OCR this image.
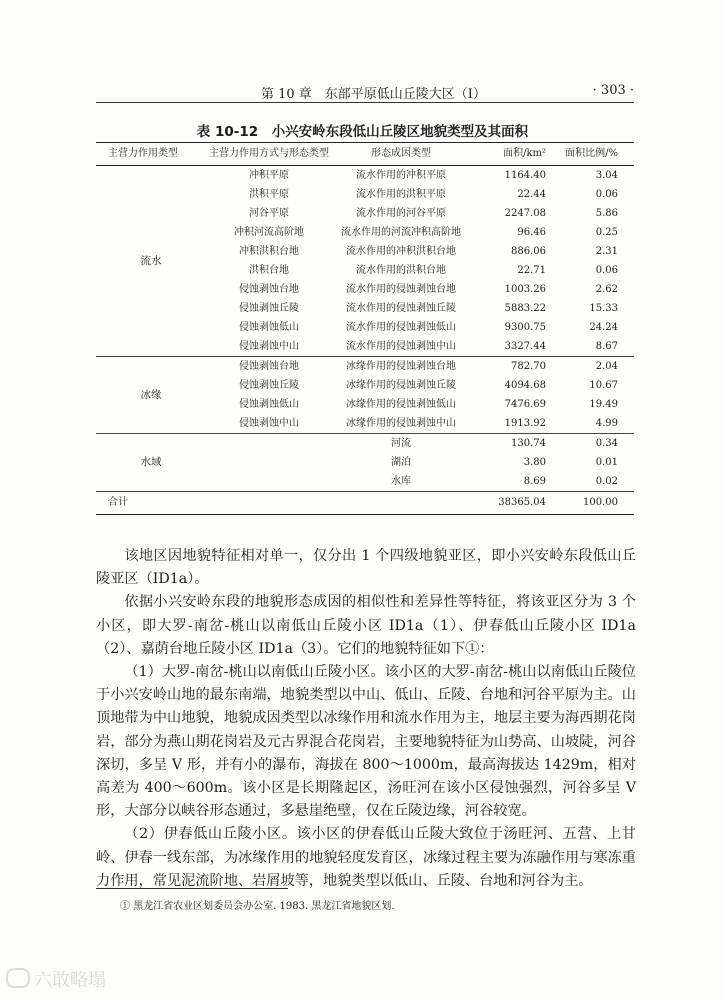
第 10 章　东部平原低山丘陵大区（Ⅰ）	· 303 ·
表 10-12　小兴安岭东段低山丘陵区地貌类型及其面积
主营力作用类型	主营力作用方式与形态类型	形态成因类型	面积/km²	面积比例/%
流水	冲积平原	流水作用的冲积平原	1164.40	3.04
	洪积平原	流水作用的洪积平原	22.44	0.06
	河谷平原	流水作用的河谷平原	2247.08	5.86
	冲积河流高阶地	流水作用的河流冲积高阶地	96.46	0.25
	冲积洪积台地	流水作用的冲积洪积台地	886.06	2.31
	洪积台地	流水作用的洪积台地	22.71	0.06
	侵蚀剥蚀台地	流水作用的侵蚀剥蚀台地	1003.26	2.62
	侵蚀剥蚀丘陵	流水作用的侵蚀剥蚀丘陵	5883.22	15.33
	侵蚀剥蚀低山	流水作用的侵蚀剥蚀低山	9300.75	24.24
	侵蚀剥蚀中山	流水作用的侵蚀剥蚀中山	3327.44	8.67
冰缘	侵蚀剥蚀台地	冰缘作用的侵蚀剥蚀台地	782.70	2.04
	侵蚀剥蚀丘陵	冰缘作用的侵蚀剥蚀丘陵	4094.68	10.67
	侵蚀剥蚀低山	冰缘作用的侵蚀剥蚀低山	7476.69	19.49
	侵蚀剥蚀中山	冰缘作用的侵蚀剥蚀中山	1913.92	4.99
水域		河流	130.74	0.34
		湖泊	3.80	0.01
		水库	8.69	0.02
合计			38365.04	100.00

该地区因地貌特征相对单一，仅分出 1 个四级地貌亚区，即小兴安岭东段低山丘陵亚区（ID1a）。

依据小兴安岭东段的地貌形态成因的相似性和差异性等特征，将该亚区分为 3 个小区，即大罗-南岔-桃山以南低山丘陵小区 ID1a（1）、伊春低山丘陵小区 ID1a（2）、嘉荫台地丘陵小区 ID1a（3）。它们的地貌特征如下①：

（1）大罗-南岔-桃山以南低山丘陵小区。该小区的大罗-南岔-桃山以南低山丘陵位于小兴安岭山地的最东南端，地貌类型以中山、低山、丘陵、台地和河谷平原为主。山顶地带为中山地貌，地貌成因类型以冰缘作用和流水作用为主，地层主要为海西期花岗岩，部分为燕山期花岗岩及元古界混合花岗岩，主要地貌特征为山势高、山坡陡，河谷深切，多呈 V 形，并有小的瀑布，海拔在 800～1000m，最高海拔达 1429m，相对高差为 400～600m。该小区是长期隆起区，汤旺河在该小区侵蚀强烈，河谷多呈 V 形，大部分以峡谷形态通过，多悬崖绝壁，仅在丘陵边缘，河谷较宽。

（2）伊春低山丘陵小区。该小区的伊春低山丘陵大致位于汤旺河、五营、上甘岭、伊春一线东部，为冰缘作用的地貌轻度发育区，冰缘过程主要为冻融作用与寒冻重力作用，常见泥流阶地、岩屑坡等，地貌类型以低山、丘陵、台地和河谷为主。

① 黑龙江省农业区划委员会办公室. 1983. 黑龙江省地貌区划.
六敢略塌
